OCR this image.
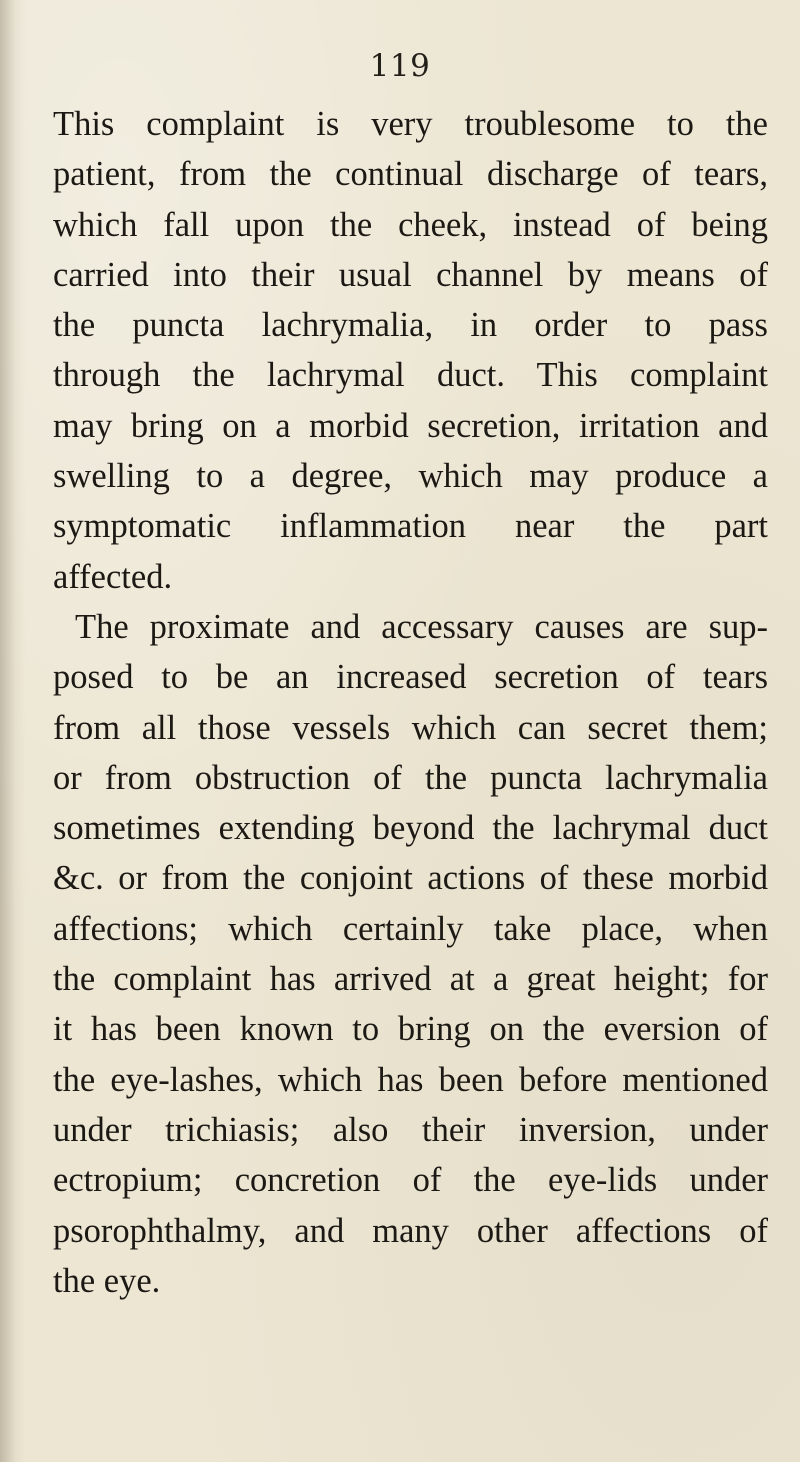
119
This complaint is very troublesome to the
patient, from the continual discharge of tears,
which fall upon the cheek, instead of being
carried into their usual channel by means of
the puncta lachrymalia, in order to pass
through the lachrymal duct. This complaint
may bring on a morbid secretion, irritation and
swelling to a degree, which may produce a
symptomatic inflammation near the part
affected.
The proximate and accessary causes are sup-
posed to be an increased secretion of tears
from all those vessels which can secret them;
or from obstruction of the puncta lachrymalia
sometimes extending beyond the lachrymal duct
&c. or from the conjoint actions of these morbid
affections; which certainly take place, when
the complaint has arrived at a great height; for
it has been known to bring on the eversion of
the eye-lashes, which has been before mentioned
under trichiasis; also their inversion, under
ectropium; concretion of the eye-lids under
psorophthalmy, and many other affections of
the eye.
